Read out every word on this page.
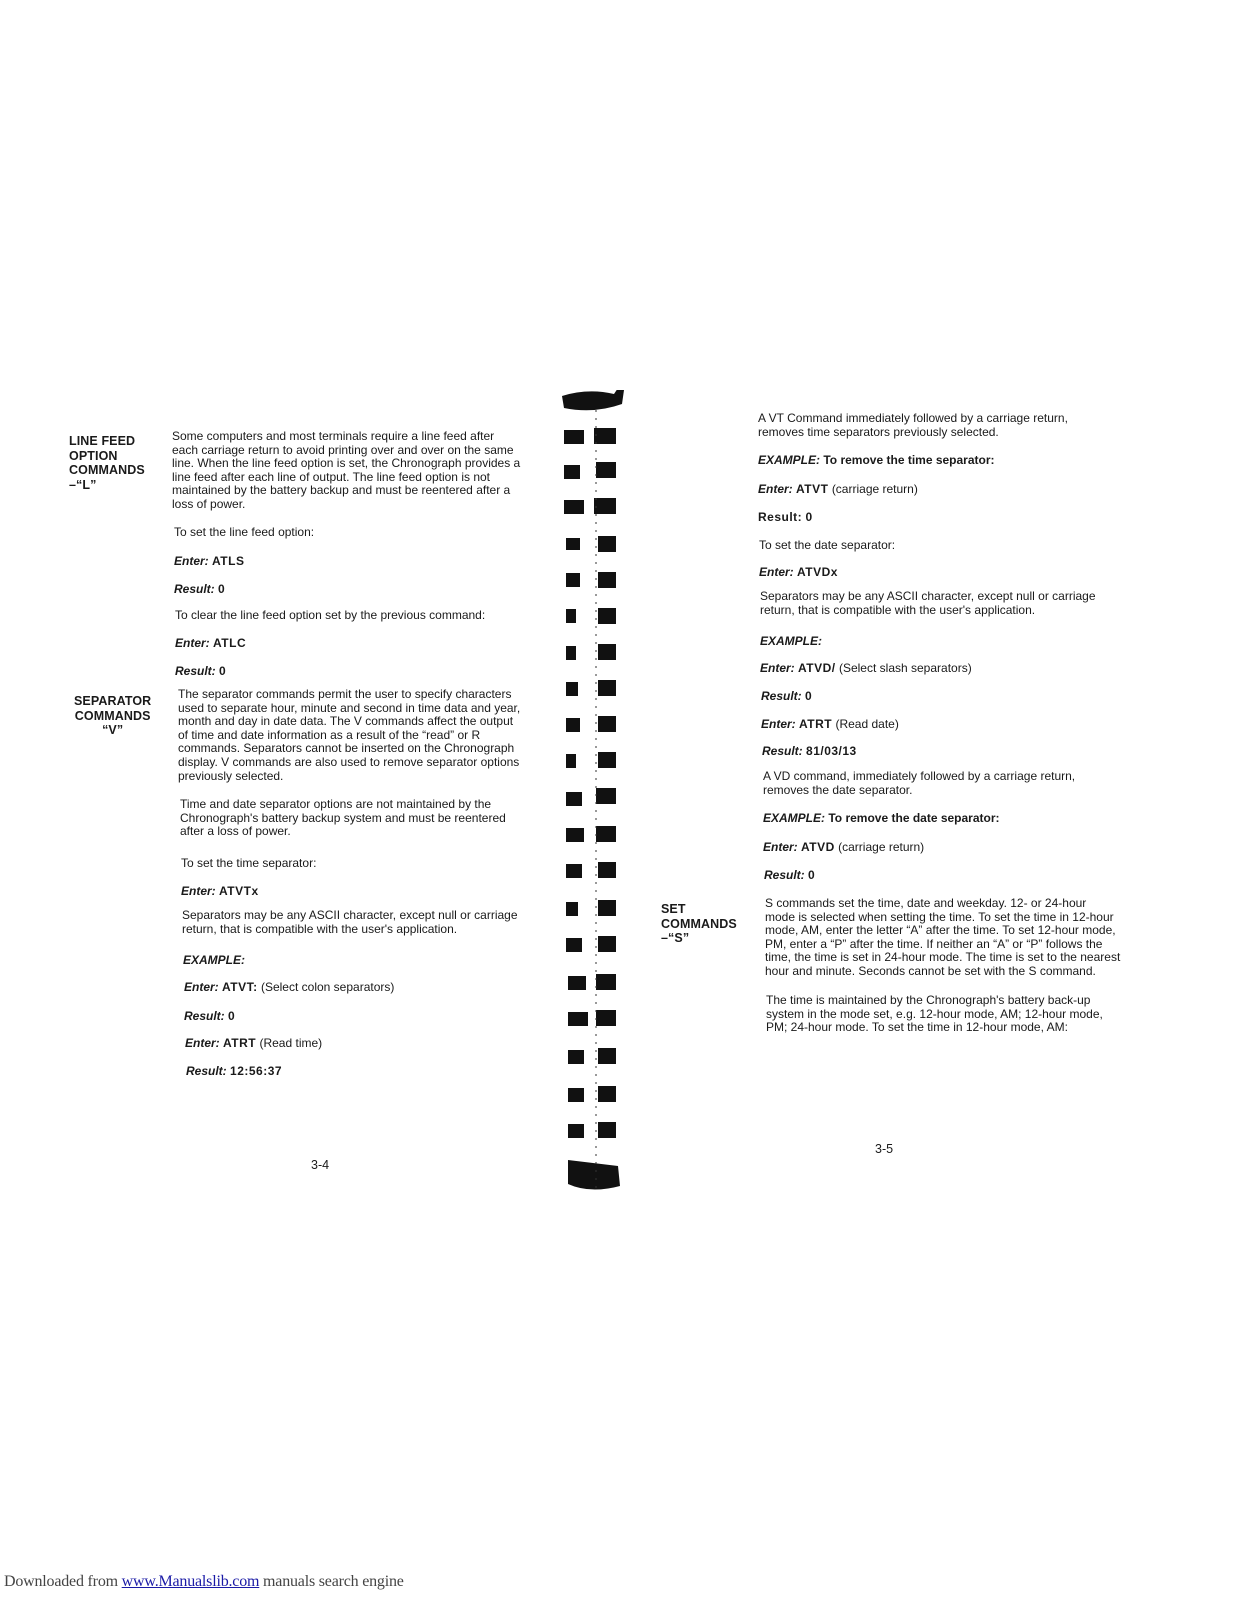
LINE FEED
OPTION
COMMANDS
–“L”
Some computers and most terminals require a line feed after
each carriage return to avoid printing over and over on the same
line. When the line feed option is set, the Chronograph provides a
line feed after each line of output. The line feed option is not
maintained by the battery backup and must be reentered after a
loss of power.
To set the line feed option:
Enter: ATLS
Result: 0
To clear the line feed option set by the previous command:
Enter: ATLC
Result: 0
SEPARATOR
COMMANDS
“V”
The separator commands permit the user to specify characters
used to separate hour, minute and second in time data and year,
month and day in date data. The V commands affect the output
of time and date information as a result of the “read” or R
commands. Separators cannot be inserted on the Chronograph
display. V commands are also used to remove separator options
previously selected.
Time and date separator options are not maintained by the
Chronograph's battery backup system and must be reentered
after a loss of power.
To set the time separator:
Enter: ATVTx
Separators may be any ASCII character, except null or carriage
return, that is compatible with the user's application.
EXAMPLE:
Enter: ATVT: (Select colon separators)
Result: 0
Enter: ATRT (Read time)
Result: 12:56:37
3-4
A VT Command immediately followed by a carriage return,
removes time separators previously selected.
EXAMPLE: To remove the time separator:
Enter: ATVT (carriage return)
Result: 0
To set the date separator:
Enter: ATVDx
Separators may be any ASCII character, except null or carriage
return, that is compatible with the user's application.
EXAMPLE:
Enter: ATVD/ (Select slash separators)
Result: 0
Enter: ATRT (Read date)
Result: 81/03/13
A VD command, immediately followed by a carriage return,
removes the date separator.
EXAMPLE: To remove the date separator:
Enter: ATVD (carriage return)
Result: 0
SET
COMMANDS
–“S”
S commands set the time, date and weekday. 12- or 24-hour
mode is selected when setting the time. To set the time in 12-hour
mode, AM, enter the letter “A” after the time. To set 12-hour mode,
PM, enter a “P” after the time. If neither an “A” or “P” follows the
time, the time is set in 24-hour mode. The time is set to the nearest
hour and minute. Seconds cannot be set with the S command.
The time is maintained by the Chronograph's battery back-up
system in the mode set, e.g. 12-hour mode, AM; 12-hour mode,
PM; 24-hour mode. To set the time in 12-hour mode, AM:
3-5
Downloaded from www.Manualslib.com manuals search engine
